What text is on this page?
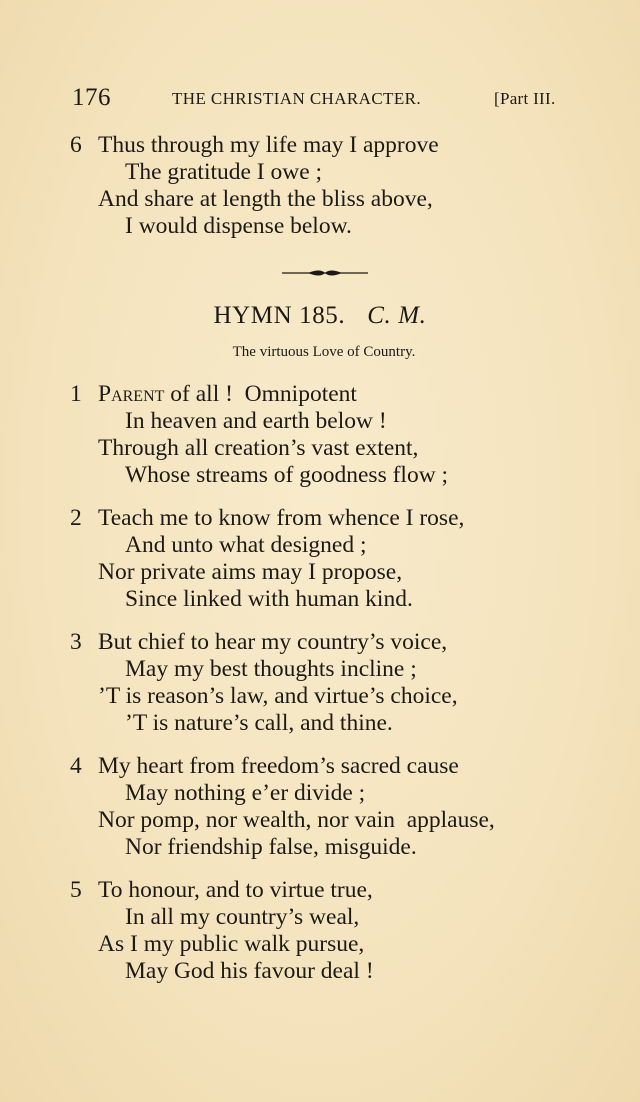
176	THE CHRISTIAN CHARACTER.	[Part III.
6 Thus through my life may I approve
The gratitude I owe ;
And share at length the bliss above,
I would dispense below.
HYMN 185. C. M.
The virtuous Love of Country.
1 Parent of all !  Omnipotent
In heaven and earth below !
Through all creation’s vast extent,
Whose streams of goodness flow ;
2 Teach me to know from whence I rose,
And unto what designed ;
Nor private aims may I propose,
Since linked with human kind.
3 But chief to hear my country’s voice,
May my best thoughts incline ;
’T is reason’s law, and virtue’s choice,
’T is nature’s call, and thine.
4 My heart from freedom’s sacred cause
May nothing e’er divide ;
Nor pomp, nor wealth, nor vain  applause,
Nor friendship false, misguide.
5 To honour, and to virtue true,
In all my country’s weal,
As I my public walk pursue,
May God his favour deal !
